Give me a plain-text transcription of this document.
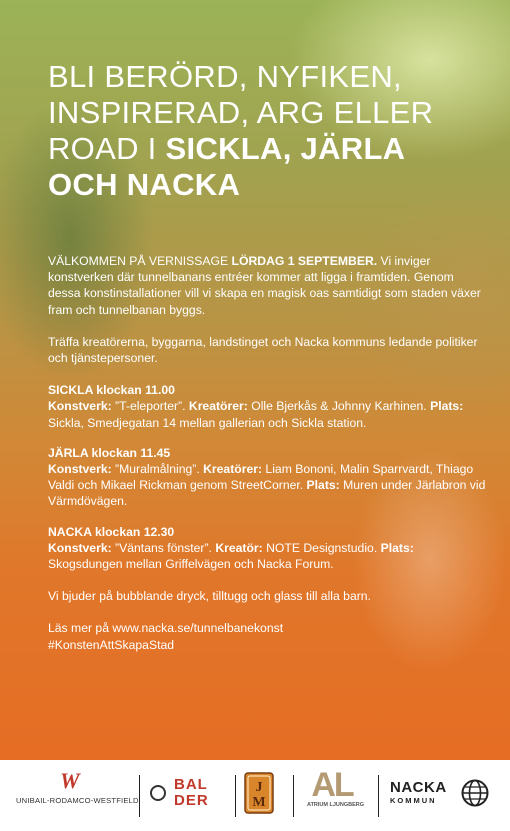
BLI BERÖRD, NYFIKEN,
INSPIRERAD, ARG ELLER
ROAD I SICKLA, JÄRLA
OCH NACKA

VÄLKOMMEN PÅ VERNISSAGE LÖRDAG 1 SEPTEMBER. Vi inviger konstverken där tunnelbanans entréer kommer att ligga i framtiden. Genom dessa konstinstallationer vill vi skapa en magisk oas samtidigt som staden växer fram och tunnelbanan byggs.

Träffa kreatörerna, byggarna, landstinget och Nacka kommuns ledande politiker och tjänstepersoner.

SICKLA klockan 11.00
Konstverk: ”T-eleporter”. Kreatörer: Olle Bjerkås & Johnny Karhinen. Plats: Sickla, Smedjegatan 14 mellan gallerian och Sickla station.

JÄRLA klockan 11.45
Konstverk: ”Muralmålning”. Kreatörer: Liam Bononi, Malin Sparrvardt, Thiago Valdi och Mikael Rickman genom StreetCorner. Plats: Muren under Järlabron vid Värmdövägen.

NACKA klockan 12.30
Konstverk: ”Väntans fönster”. Kreatör: NOTE Designstudio. Plats: Skogsdungen mellan Griffelvägen och Nacka Forum.

Vi bjuder på bubblande dryck, tilltugg och glass till alla barn.

Läs mer på www.nacka.se/tunnelbanekonst

#KonstenAttSkapaStad

W
UNIBAIL-RODAMCO-WESTFIELD
BAL
DER
J
M AL
ATRIUM LJUNGBERG
NACKA
KOMMUN
